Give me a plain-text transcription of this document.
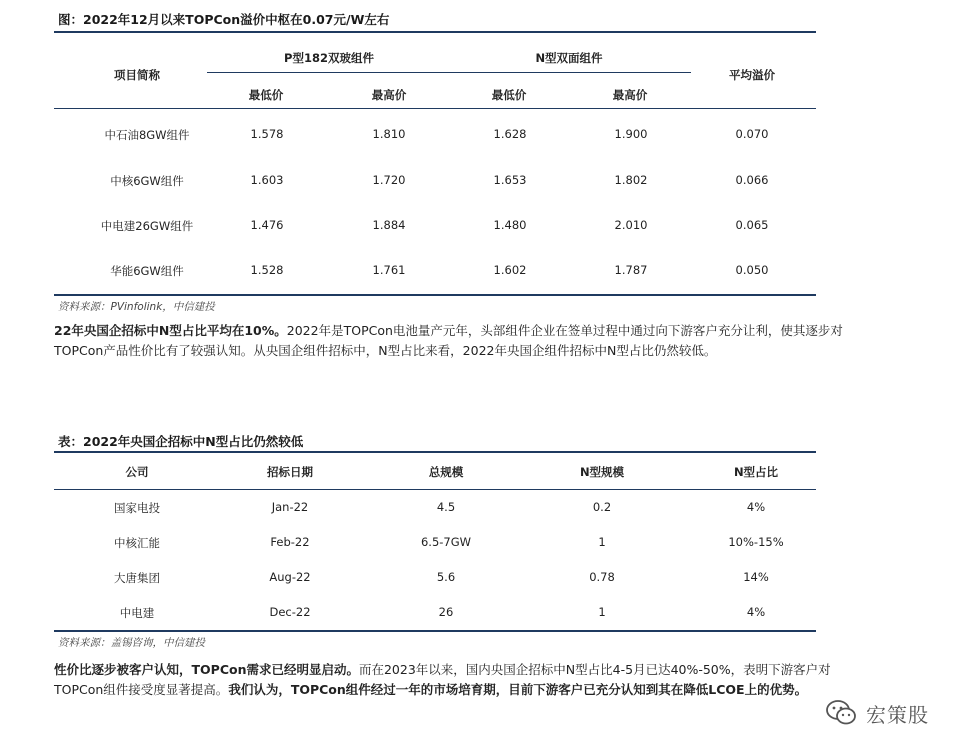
图：2022年12月以来TOPCon溢价中枢在0.07元/W左右
项目简称
P型182双玻组件	N型双面组件
平均溢价
最低价	最高价	最低价	最高价
中石油8GW组件	1.578	1.810	1.628	1.900	0.070
中核6GW组件	1.603	1.720	1.653	1.802	0.066
中电建26GW组件	1.476	1.884	1.480	2.010	0.065
华能6GW组件	1.528	1.761	1.602	1.787	0.050
资料来源：PVinfolink，中信建投
22年央国企招标中N型占比平均在10%。2022年是TOPCon电池量产元年，头部组件企业在签单过程中通过向下游客户充分让利，使其逐步对TOPCon产品性价比有了较强认知。从央国企组件招标中，N型占比来看，2022年央国企组件招标中N型占比仍然较低。
表：2022年央国企招标中N型占比仍然较低
公司	招标日期	总规模	N型规模	N型占比
国家电投	Jan-22	4.5	0.2	4%
中核汇能	Feb-22	6.5-7GW	1	10%-15%
大唐集团	Aug-22	5.6	0.78	14%
中电建	Dec-22	26	1	4%
资料来源：盖锡咨询，中信建投
性价比逐步被客户认知，TOPCon需求已经明显启动。而在2023年以来，国内央国企招标中N型占比4-5月已达40%-50%，表明下游客户对TOPCon组件接受度显著提高。我们认为，TOPCon组件经过一年的市场培育期，目前下游客户已充分认知到其在降低LCOE上的优势。
宏策股
